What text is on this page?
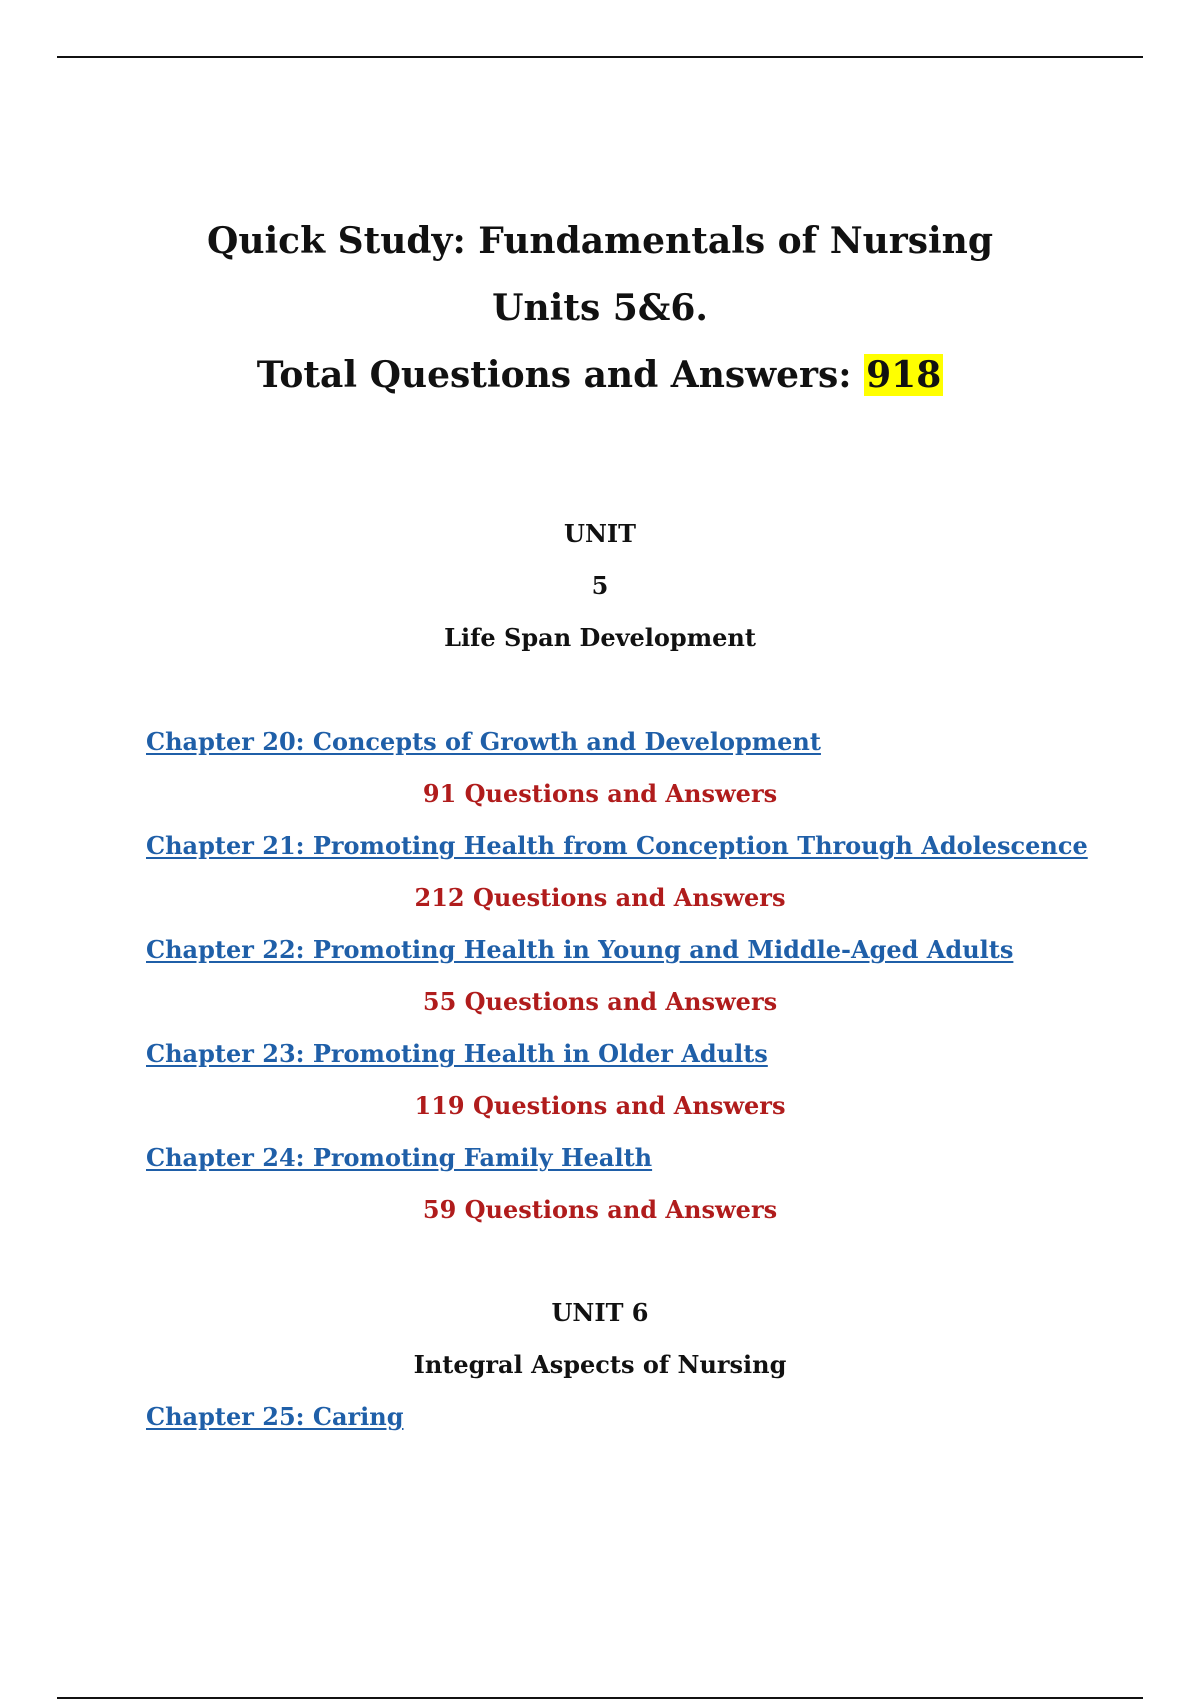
Quick Study: Fundamentals of Nursing
Units 5&6.
Total Questions and Answers: 918
UNIT
5
Life Span Development
Chapter 20: Concepts of Growth and Development
91 Questions and Answers
Chapter 21: Promoting Health from Conception Through Adolescence
212 Questions and Answers
Chapter 22: Promoting Health in Young and Middle-Aged Adults
55 Questions and Answers
Chapter 23: Promoting Health in Older Adults
119 Questions and Answers
Chapter 24: Promoting Family Health
59 Questions and Answers
UNIT 6
Integral Aspects of Nursing
Chapter 25: Caring
